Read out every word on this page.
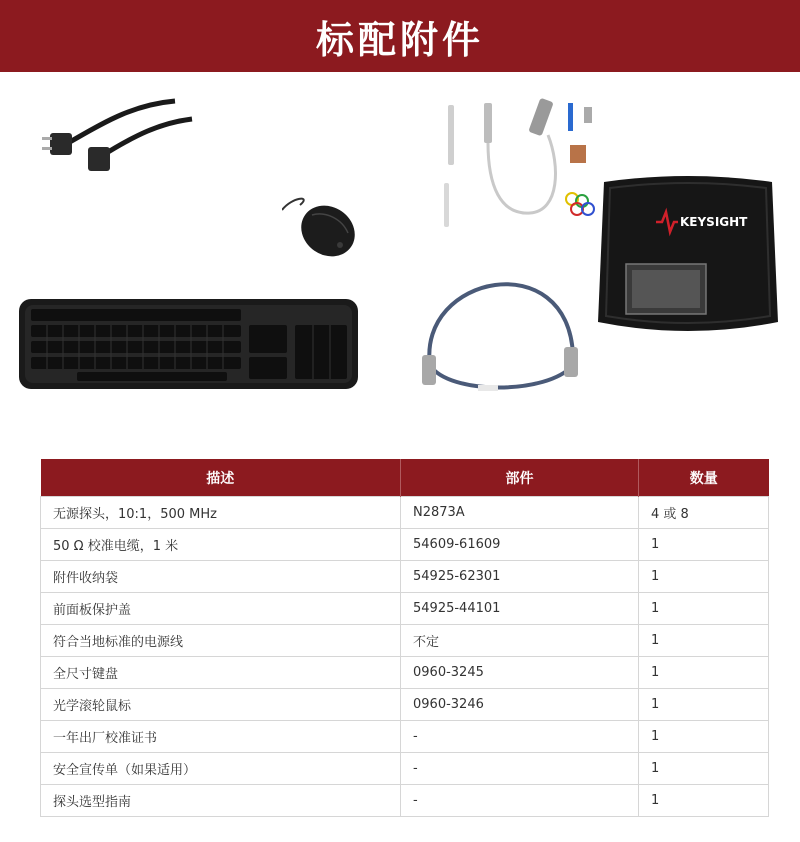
标配附件
KEYSIGHT
描述	部件	数量
无源探头，10:1，500 MHz	N2873A	4 或 8
50 Ω 校准电缆，1 米	54609-61609	1
附件收纳袋	54925-62301	1
前面板保护盖	54925-44101	1
符合当地标准的电源线	不定	1
全尺寸键盘	0960-3245	1
光学滚轮鼠标	0960-3246	1
一年出厂校准证书	-	1
安全宣传单（如果适用）	-	1
探头选型指南	-	1
